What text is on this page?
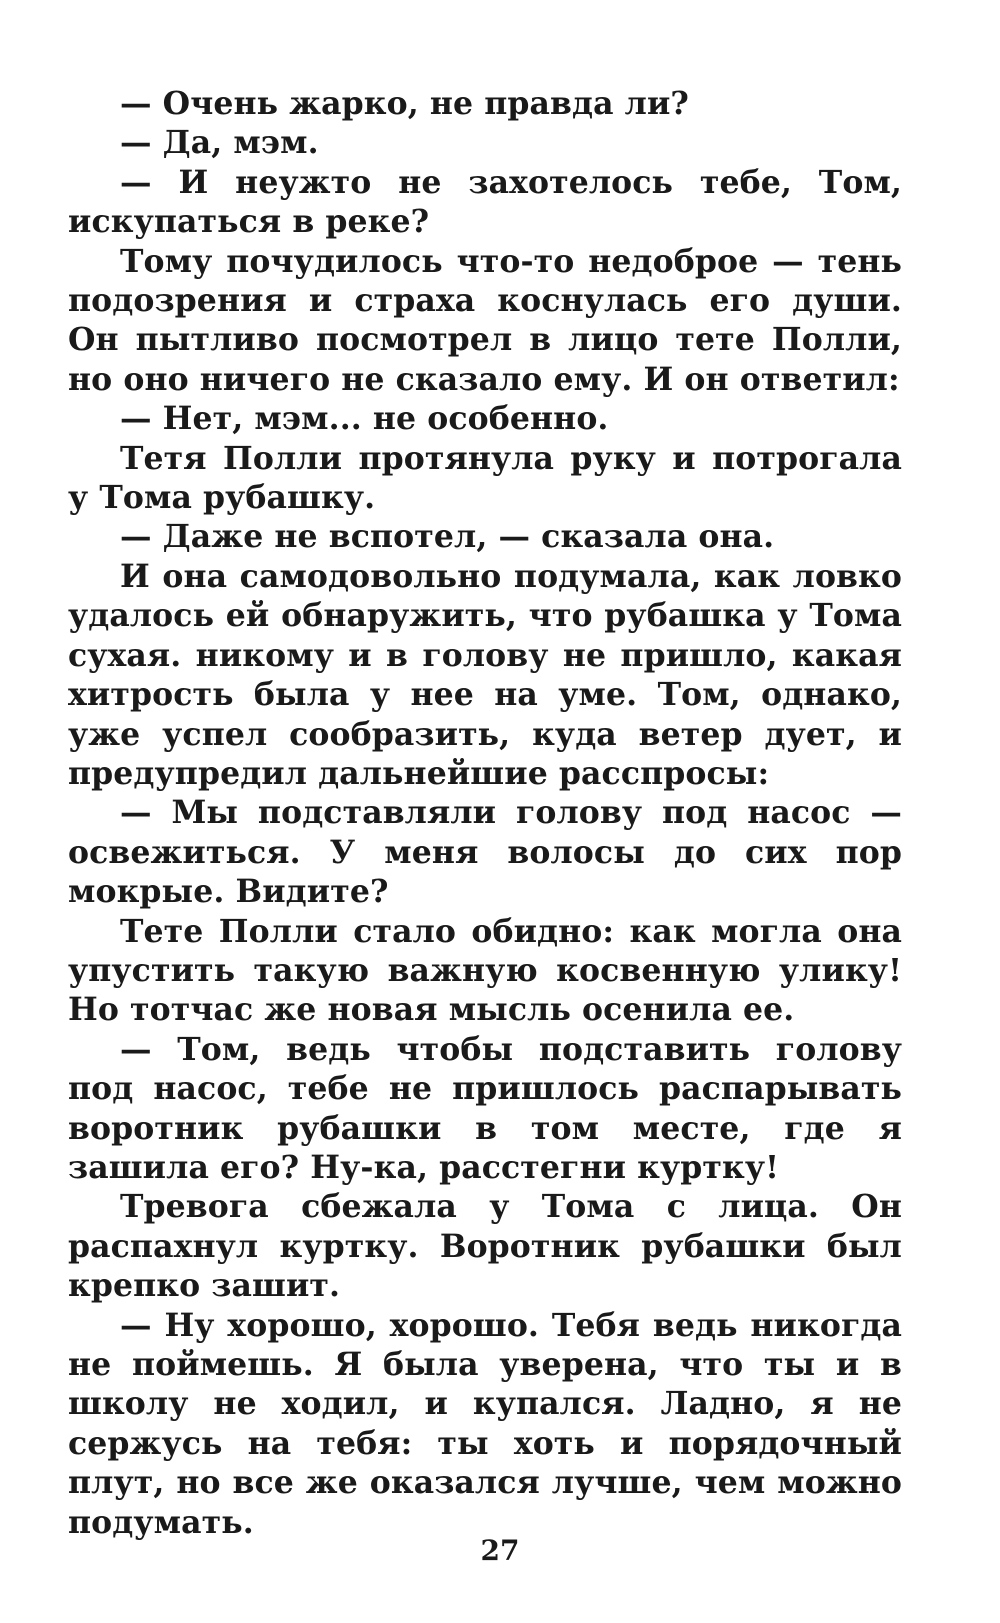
— Очень жарко, не правда ли?

— Да, мэм.

— И неужто не захотелось тебе, Том, искупаться в реке?

Тому почудилось что-то недоброе — тень подозрения и страха коснулась его души. Он пытливо посмотрел в лицо тете Полли, но оно ничего не сказало ему. И он ответил:

— Нет, мэм... не особенно.

Тетя Полли протянула руку и потрогала у Тома рубашку.

— Даже не вспотел, — сказала она.

И она самодовольно подумала, как ловко удалось ей обнаружить, что рубашка у Тома сухая. никому и в голову не пришло, какая хитрость была у нее на уме. Том, однако, уже успел сообразить, куда ветер дует, и предупредил дальнейшие расспросы:

— Мы подставляли голову под насос — освежиться. У меня волосы до сих пор мокрые. Видите?

Тете Полли стало обидно: как могла она упустить такую важную косвенную улику! Но тотчас же новая мысль осенила ее.

— Том, ведь чтобы подставить голову под насос, тебе не пришлось распарывать воротник рубашки в том месте, где я зашила его? Ну-ка, расстегни куртку!

Тревога сбежала у Тома с лица. Он распахнул куртку. Воротник рубашки был крепко зашит.

— Ну хорошо, хорошо. Тебя ведь никогда не поймешь. Я была уверена, что ты и в школу не ходил, и купался. Ладно, я не сержусь на тебя: ты хоть и порядочный плут, но все же оказался лучше, чем можно подумать.

27
